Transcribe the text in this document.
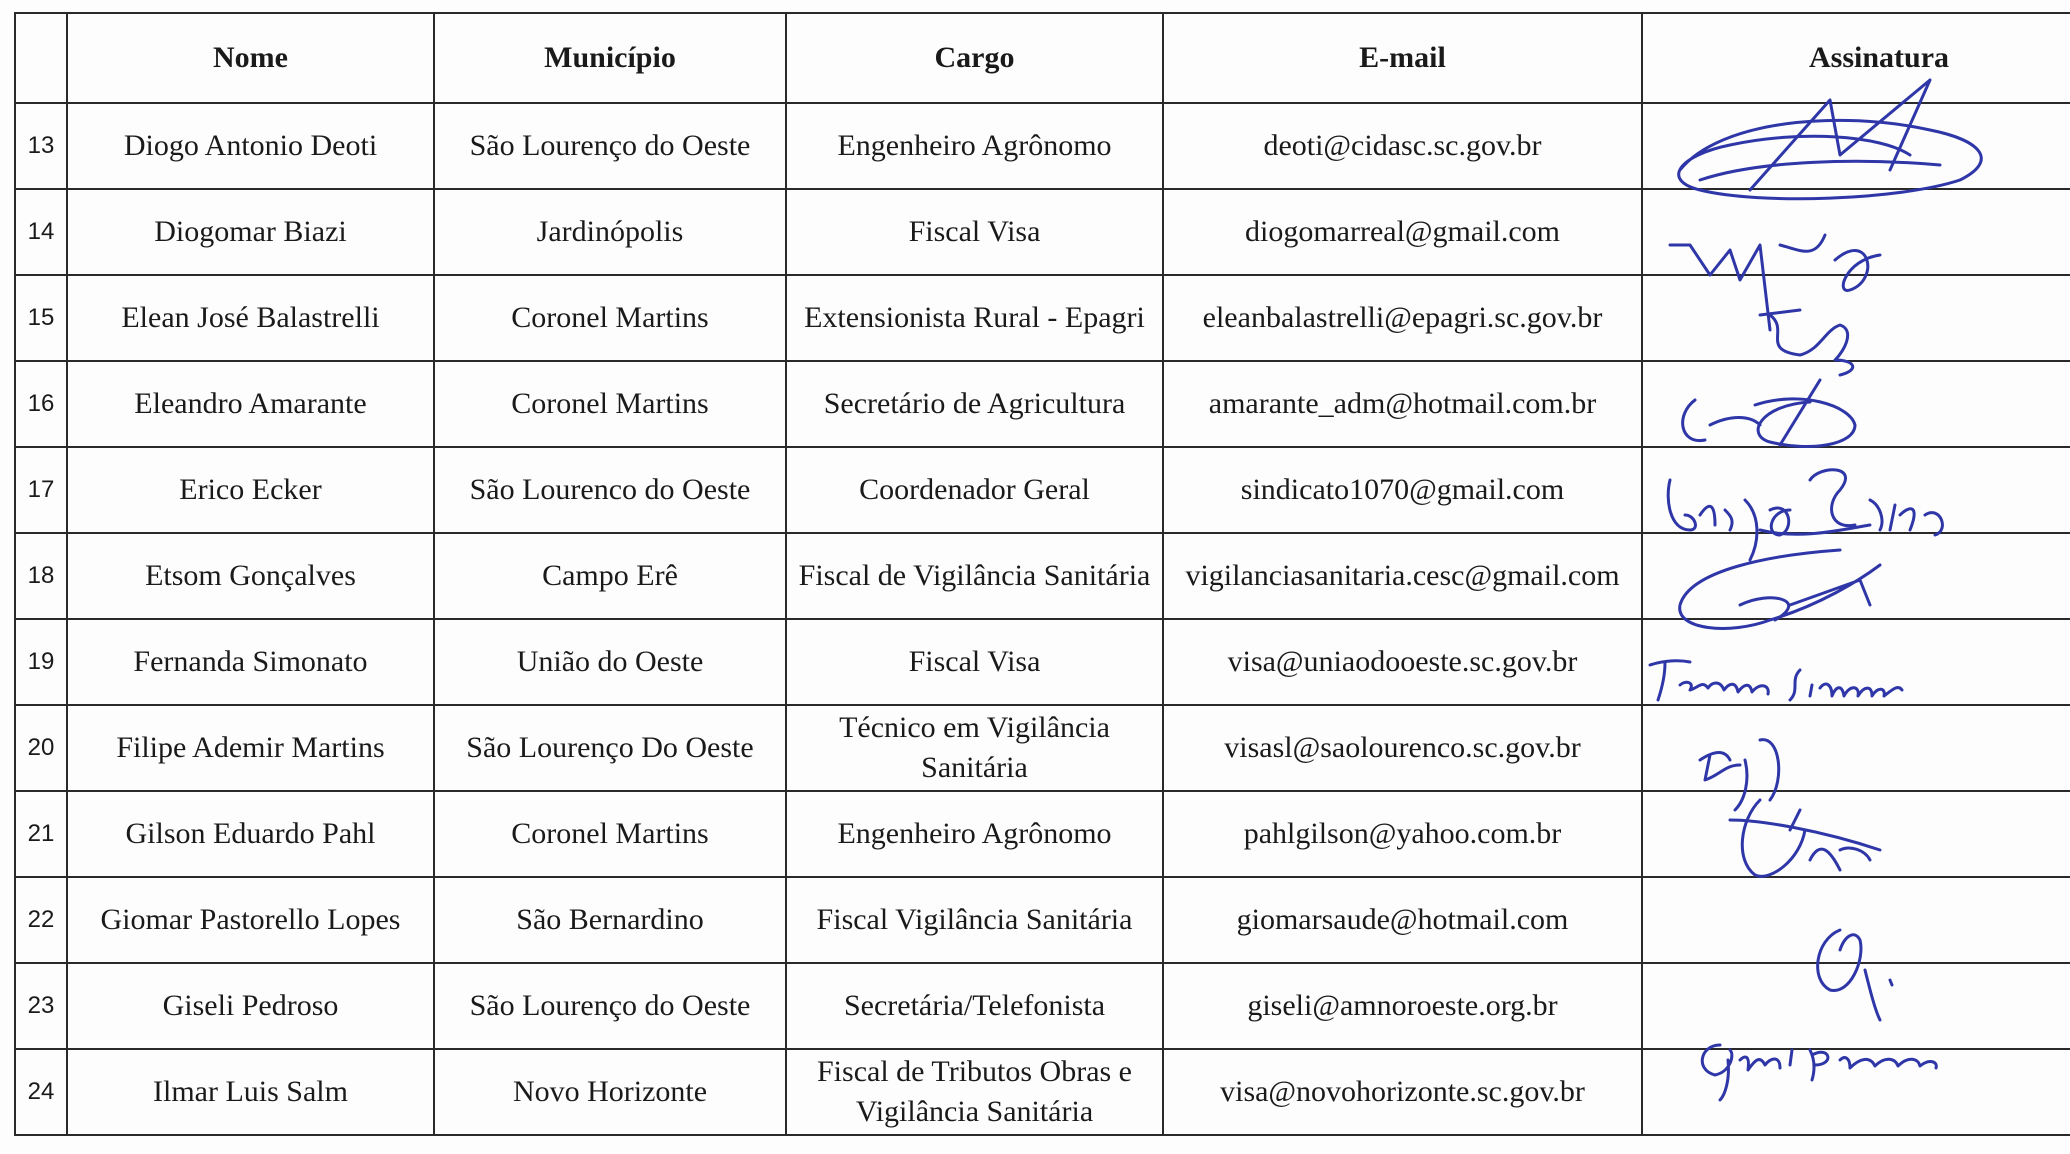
	Nome	Município	Cargo	E-mail	Assinatura
13	Diogo Antonio Deoti	São Lourenço do Oeste	Engenheiro Agrônomo	deoti@cidasc.sc.gov.br	
14	Diogomar Biazi	Jardinópolis	Fiscal Visa	diogomarreal@gmail.com	
15	Elean José Balastrelli	Coronel Martins	Extensionista Rural - Epagri	eleanbalastrelli@epagri.sc.gov.br	
16	Eleandro Amarante	Coronel Martins	Secretário de Agricultura	amarante_adm@hotmail.com.br	
17	Erico Ecker	São Lourenco do Oeste	Coordenador Geral	sindicato1070@gmail.com	
18	Etsom Gonçalves	Campo Erê	Fiscal de Vigilância Sanitária	vigilanciasanitaria.cesc@gmail.com	
19	Fernanda Simonato	União do Oeste	Fiscal Visa	visa@uniaodooeste.sc.gov.br	
20	Filipe Ademir Martins	São Lourenço Do Oeste	Técnico em Vigilância Sanitária	visasl@saolourenco.sc.gov.br	
21	Gilson Eduardo Pahl	Coronel Martins	Engenheiro Agrônomo	pahlgilson@yahoo.com.br	
22	Giomar Pastorello Lopes	São Bernardino	Fiscal Vigilância Sanitária	giomarsaude@hotmail.com	
23	Giseli Pedroso	São Lourenço do Oeste	Secretária/Telefonista	giseli@amnoroeste.org.br	
24	Ilmar Luis Salm	Novo Horizonte	Fiscal de Tributos Obras e Vigilância Sanitária	visa@novohorizonte.sc.gov.br	
